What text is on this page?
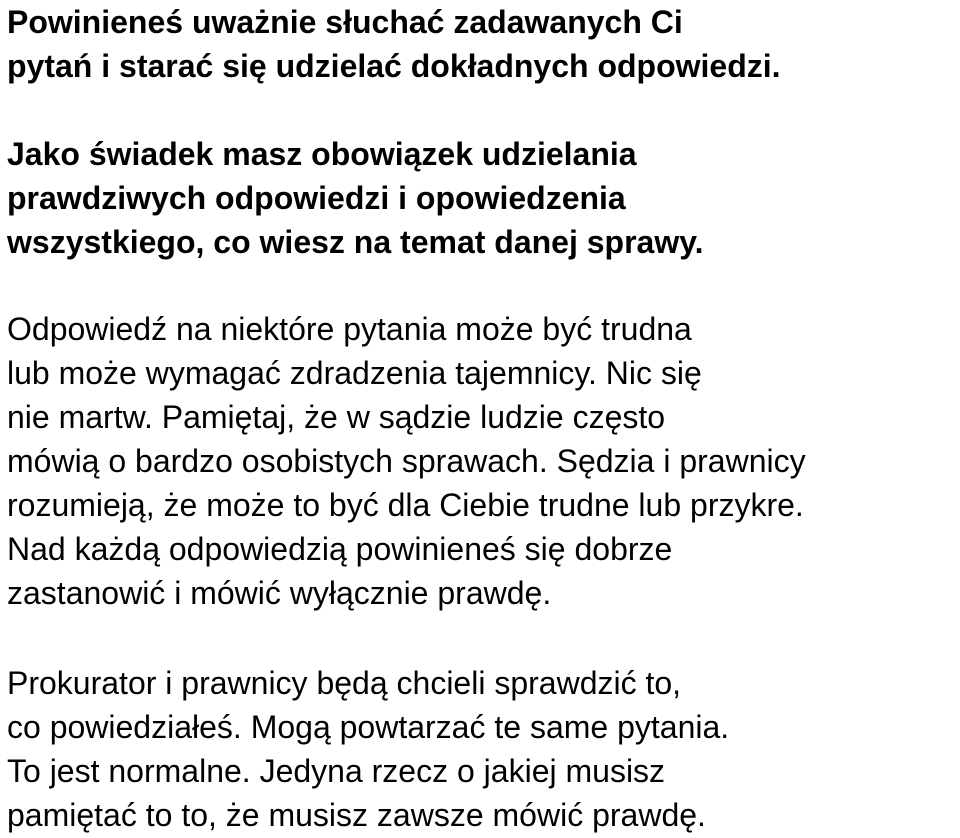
Powinieneś uważnie słuchać zadawanych Ci
pytań i starać się udzielać dokładnych odpowiedzi.
Jako świadek masz obowiązek udzielania
prawdziwych odpowiedzi i opowiedzenia
wszystkiego, co wiesz na temat danej sprawy.
Odpowiedź na niektóre pytania może być trudna
lub może wymagać zdradzenia tajemnicy. Nic się
nie martw. Pamiętaj, że w sądzie ludzie często
mówią o bardzo osobistych sprawach. Sędzia i prawnicy
rozumieją, że może to być dla Ciebie trudne lub przykre.
Nad każdą odpowiedzią powinieneś się dobrze
zastanowić i mówić wyłącznie prawdę.
Prokurator i prawnicy będą chcieli sprawdzić to,
co powiedziałeś. Mogą powtarzać te same pytania.
To jest normalne. Jedyna rzecz o jakiej musisz
pamiętać to to, że musisz zawsze mówić prawdę.
